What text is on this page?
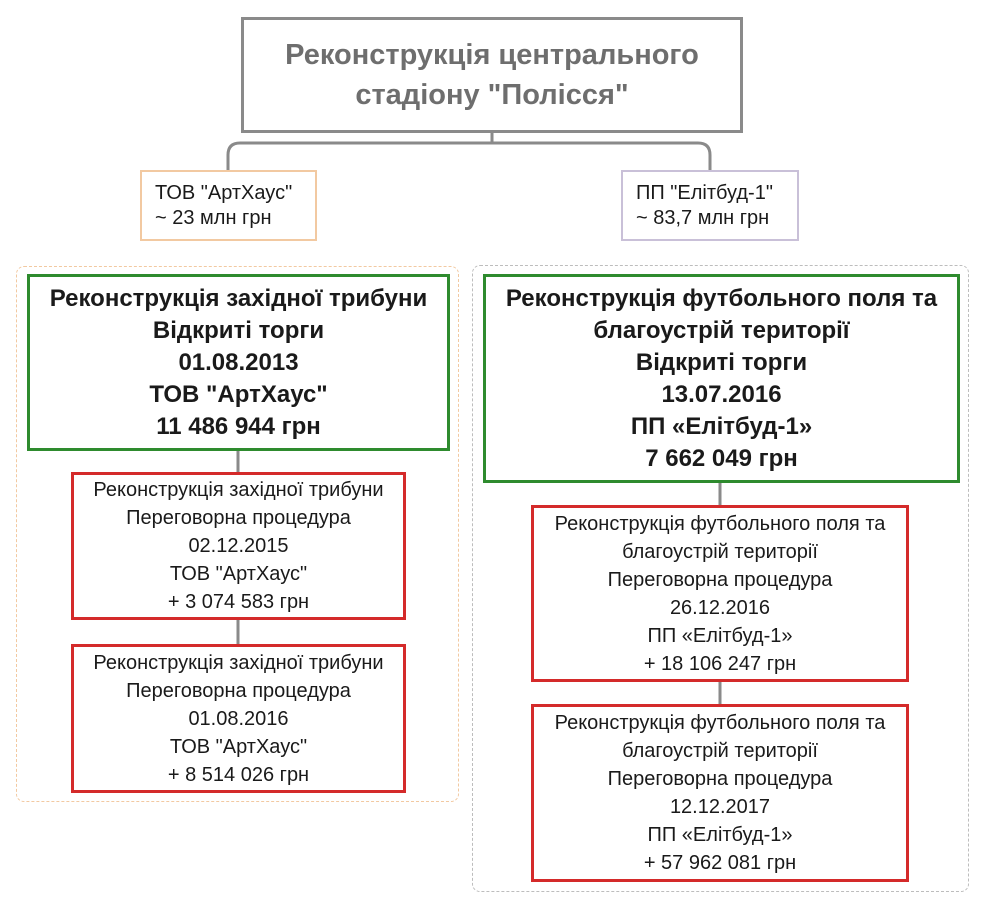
Реконструкція центрального
стадіону "Полісся"
ТОВ "АртХаус"
~ 23 млн грн
ПП "Елітбуд-1"
~ 83,7 млн грн
Реконструкція західної трибуни
Відкриті торги
01.08.2013
ТОВ "АртХаус"
11 486 944 грн
Реконструкція західної трибуни
Переговорна процедура
02.12.2015
ТОВ "АртХаус"
+ 3 074 583 грн
Реконструкція західної трибуни
Переговорна процедура
01.08.2016
ТОВ "АртХаус"
+ 8 514 026 грн
Реконструкція футбольного поля та
благоустрій території
Відкриті торги
13.07.2016
ПП «Елітбуд-1»
7 662 049 грн
Реконструкція футбольного поля та
благоустрій території
Переговорна процедура
26.12.2016
ПП «Елітбуд-1»
+ 18 106 247 грн
Реконструкція футбольного поля та
благоустрій території
Переговорна процедура
12.12.2017
ПП «Елітбуд-1»
+ 57 962 081 грн
